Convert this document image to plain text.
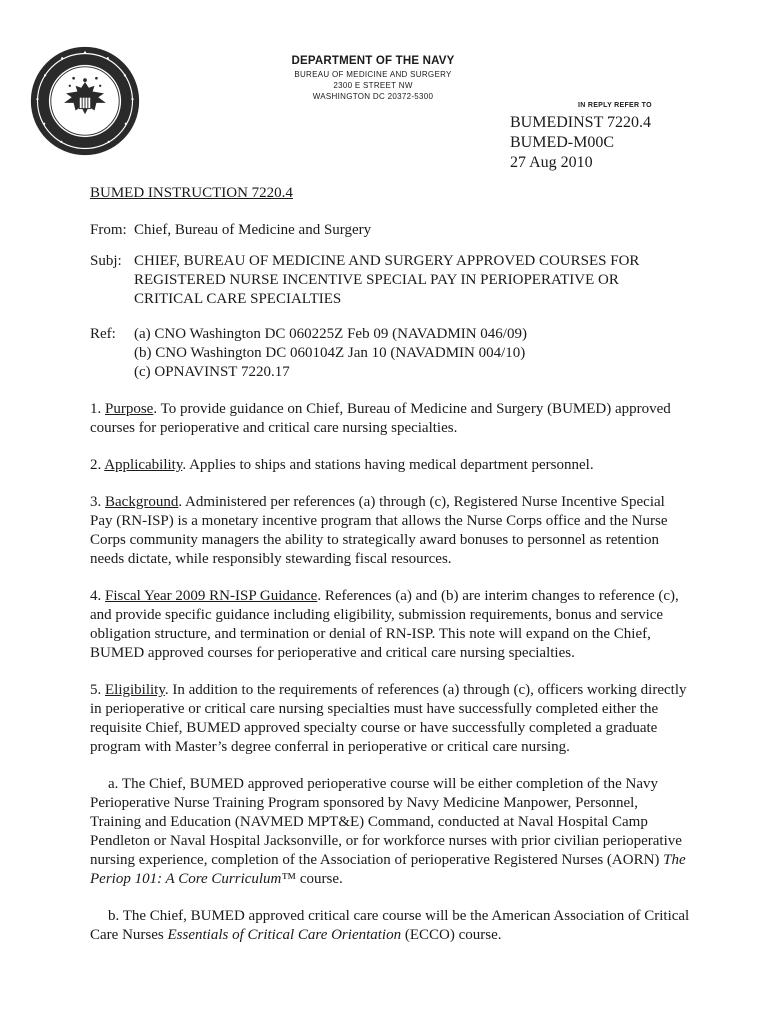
DEPARTMENT OF THE NAVY
BUREAU OF MEDICINE AND SURGERY
2300 E STREET NW
WASHINGTON DC 20372-5300
IN REPLY REFER TO
BUMEDINST 7220.4
BUMED-M00C
27 Aug 2010
BUMED INSTRUCTION 7220.4
From: Chief, Bureau of Medicine and Surgery
Subj: CHIEF, BUREAU OF MEDICINE AND SURGERY APPROVED COURSES FOR REGISTERED NURSE INCENTIVE SPECIAL PAY IN PERIOPERATIVE OR CRITICAL CARE SPECIALTIES
Ref:	(a) CNO Washington DC 060225Z Feb 09 (NAVADMIN 046/09)
(b) CNO Washington DC 060104Z Jan 10 (NAVADMIN 004/10)
(c) OPNAVINST 7220.17

1. Purpose. To provide guidance on Chief, Bureau of Medicine and Surgery (BUMED) approved courses for perioperative and critical care nursing specialties.

2. Applicability. Applies to ships and stations having medical department personnel.

3. Background. Administered per references (a) through (c), Registered Nurse Incentive Special Pay (RN-ISP) is a monetary incentive program that allows the Nurse Corps office and the Nurse Corps community managers the ability to strategically award bonuses to personnel as retention needs dictate, while responsibly stewarding fiscal resources.

4. Fiscal Year 2009 RN-ISP Guidance. References (a) and (b) are interim changes to reference (c), and provide specific guidance including eligibility, submission requirements, bonus and service obligation structure, and termination or denial of RN-ISP. This note will expand on the Chief, BUMED approved courses for perioperative and critical care nursing specialties.

5. Eligibility. In addition to the requirements of references (a) through (c), officers working directly in perioperative or critical care nursing specialties must have successfully completed either the requisite Chief, BUMED approved specialty course or have successfully completed a graduate program with Master’s degree conferral in perioperative or critical care nursing.

a. The Chief, BUMED approved perioperative course will be either completion of the Navy Perioperative Nurse Training Program sponsored by Navy Medicine Manpower, Personnel, Training and Education (NAVMED MPT&E) Command, conducted at Naval Hospital Camp Pendleton or Naval Hospital Jacksonville, or for workforce nurses with prior civilian perioperative nursing experience, completion of the Association of perioperative Registered Nurses (AORN) The Periop 101: A Core Curriculum™ course.

b. The Chief, BUMED approved critical care course will be the American Association of Critical Care Nurses Essentials of Critical Care Orientation (ECCO) course.
